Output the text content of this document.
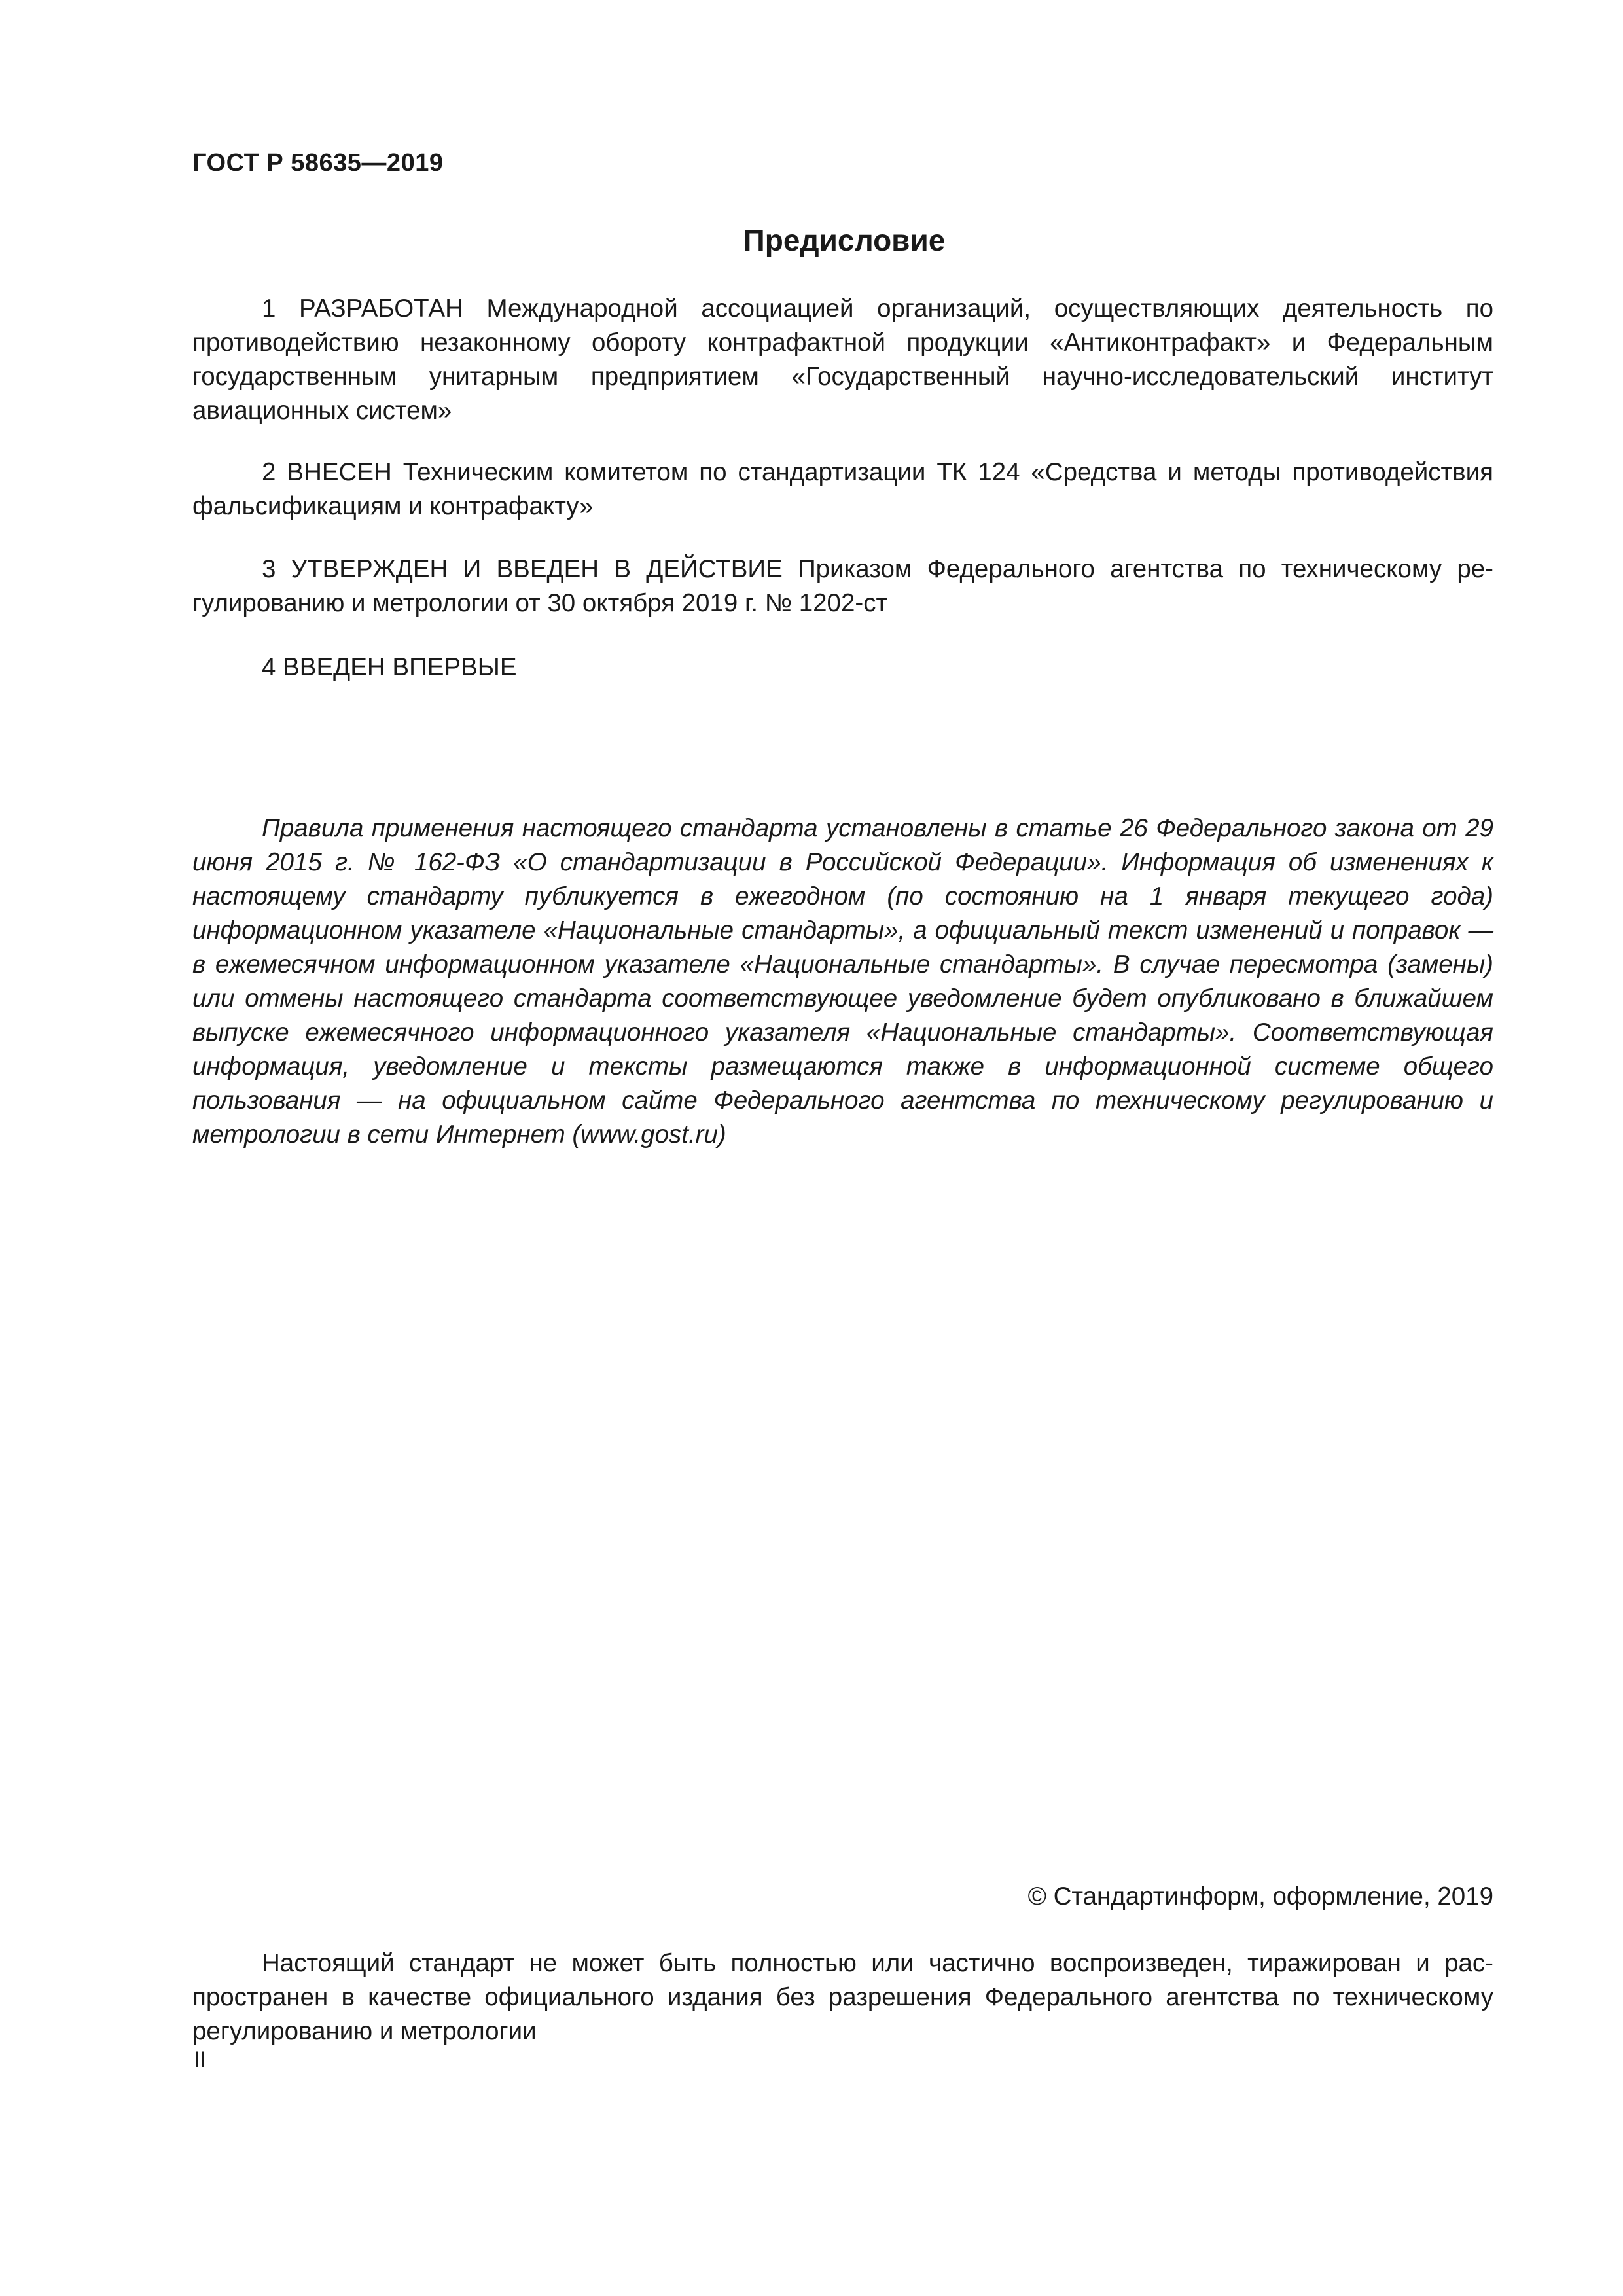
ГОСТ Р 58635—2019
Предисловие

1 РАЗРАБОТАН Международной ассоциацией организаций, осуществляющих деятельность по противодействию незаконному обороту контрафактной продукции «Антиконтрафакт» и Федеральным государственным унитарным предприятием «Государственный научно-исследовательский институт авиационных систем»

2 ВНЕСЕН Техническим комитетом по стандартизации ТК 124 «Средства и методы противодействия фальсификациям и контрафакту»

3 УТВЕРЖДЕН И ВВЕДЕН В ДЕЙСТВИЕ Приказом Федерального агентства по техническому регулированию и метрологии от 30 октября 2019 г. № 1202-ст

4 ВВЕДЕН ВПЕРВЫЕ

Правила применения настоящего стандарта установлены в статье 26 Федерального закона от 29 июня 2015 г. № 162-ФЗ «О стандартизации в Российской Федерации». Информация об изменениях к настоящему стандарту публикуется в ежегодном (по состоянию на 1 января текущего года) информационном указателе «Национальные стандарты», а официальный текст изменений и поправок — в ежемесячном информационном указателе «Национальные стандарты». В случае пересмотра (замены) или отмены настоящего стандарта соответствующее уведомление будет опубликовано в ближайшем выпуске ежемесячного информационного указателя «Национальные стандарты». Соответствующая информация, уведомление и тексты размещаются также в информационной системе общего пользования — на официальном сайте Федерального агентства по техническому регулированию и метрологии в сети Интернет (www.gost.ru)

© Стандартинформ, оформление, 2019

Настоящий стандарт не может быть полностью или частично воспроизведен, тиражирован и распространен в качестве официального издания без разрешения Федерального агентства по техническому регулированию и метрологии

II
